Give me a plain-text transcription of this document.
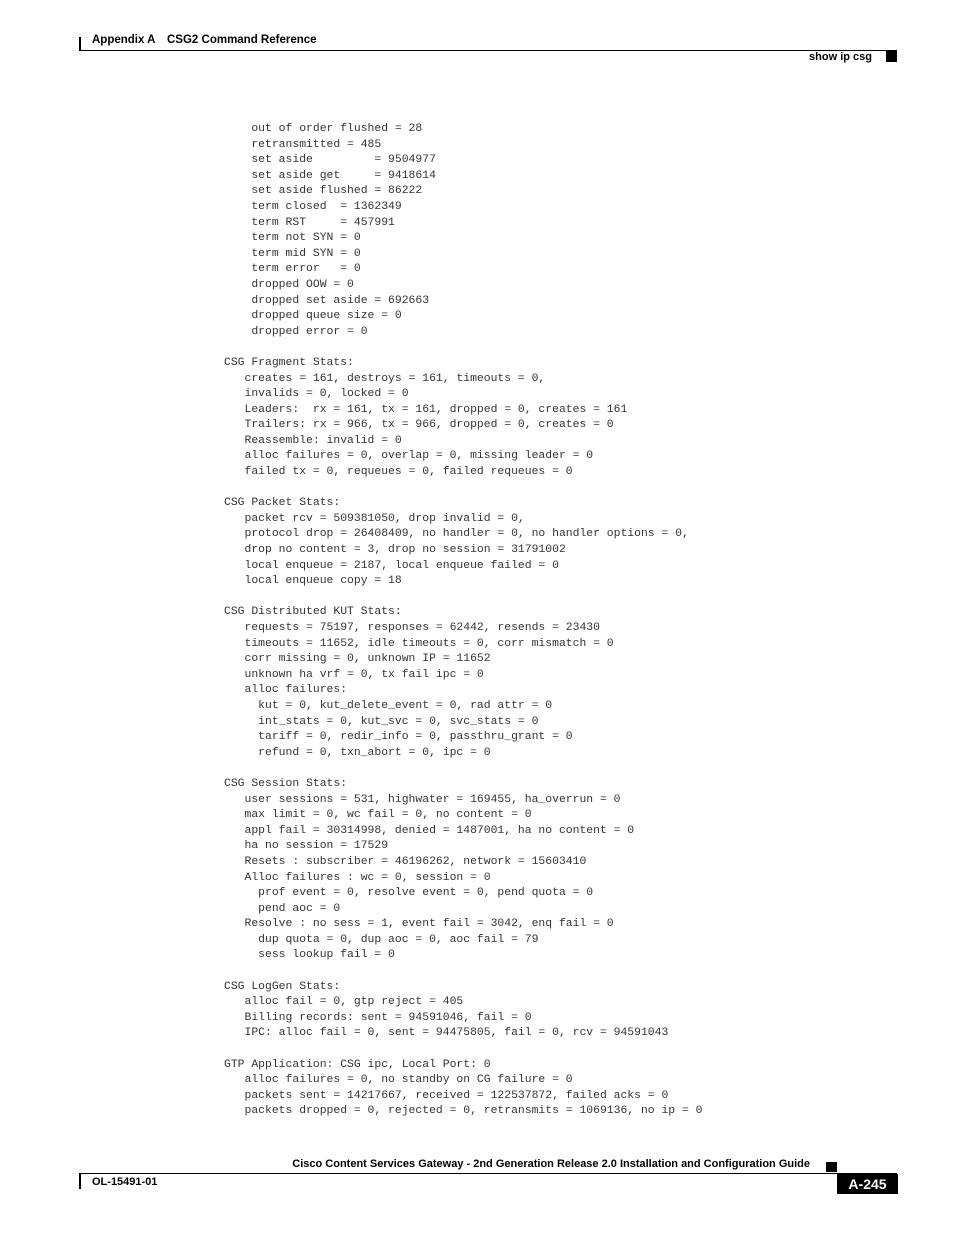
Appendix A CSG2 Command Reference
show ip csg
out of order flushed = 28
retransmitted = 485
set aside         = 9504977
set aside get     = 9418614
set aside flushed = 86222
term closed  = 1362349
term RST     = 457991
term not SYN = 0
term mid SYN = 0
term error   = 0
dropped OOW = 0
dropped set aside = 692663
dropped queue size = 0
dropped error = 0

CSG Fragment Stats:
creates = 161, destroys = 161, timeouts = 0,
invalids = 0, locked = 0
Leaders:  rx = 161, tx = 161, dropped = 0, creates = 161
Trailers: rx = 966, tx = 966, dropped = 0, creates = 0
Reassemble: invalid = 0
alloc failures = 0, overlap = 0, missing leader = 0
failed tx = 0, requeues = 0, failed requeues = 0

CSG Packet Stats:
packet rcv = 509381050, drop invalid = 0,
protocol drop = 26408409, no handler = 0, no handler options = 0,
drop no content = 3, drop no session = 31791002
local enqueue = 2187, local enqueue failed = 0
local enqueue copy = 18

CSG Distributed KUT Stats:
requests = 75197, responses = 62442, resends = 23430
timeouts = 11652, idle timeouts = 0, corr mismatch = 0
corr missing = 0, unknown IP = 11652
unknown ha vrf = 0, tx fail ipc = 0
alloc failures:
kut = 0, kut_delete_event = 0, rad attr = 0
int_stats = 0, kut_svc = 0, svc_stats = 0
tariff = 0, redir_info = 0, passthru_grant = 0
refund = 0, txn_abort = 0, ipc = 0

CSG Session Stats:
user sessions = 531, highwater = 169455, ha_overrun = 0
max limit = 0, wc fail = 0, no content = 0
appl fail = 30314998, denied = 1487001, ha no content = 0
ha no session = 17529
Resets : subscriber = 46196262, network = 15603410
Alloc failures : wc = 0, session = 0
prof event = 0, resolve event = 0, pend quota = 0
pend aoc = 0
Resolve : no sess = 1, event fail = 3042, enq fail = 0
dup quota = 0, dup aoc = 0, aoc fail = 79
sess lookup fail = 0

CSG LogGen Stats:
alloc fail = 0, gtp reject = 405
Billing records: sent = 94591046, fail = 0
IPC: alloc fail = 0, sent = 94475805, fail = 0, rcv = 94591043

GTP Application: CSG ipc, Local Port: 0
alloc failures = 0, no standby on CG failure = 0
packets sent = 14217667, received = 122537872, failed acks = 0
packets dropped = 0, rejected = 0, retransmits = 1069136, no ip = 0

Cisco Content Services Gateway - 2nd Generation Release 2.0 Installation and Configuration Guide
OL-15491-01	A-245
